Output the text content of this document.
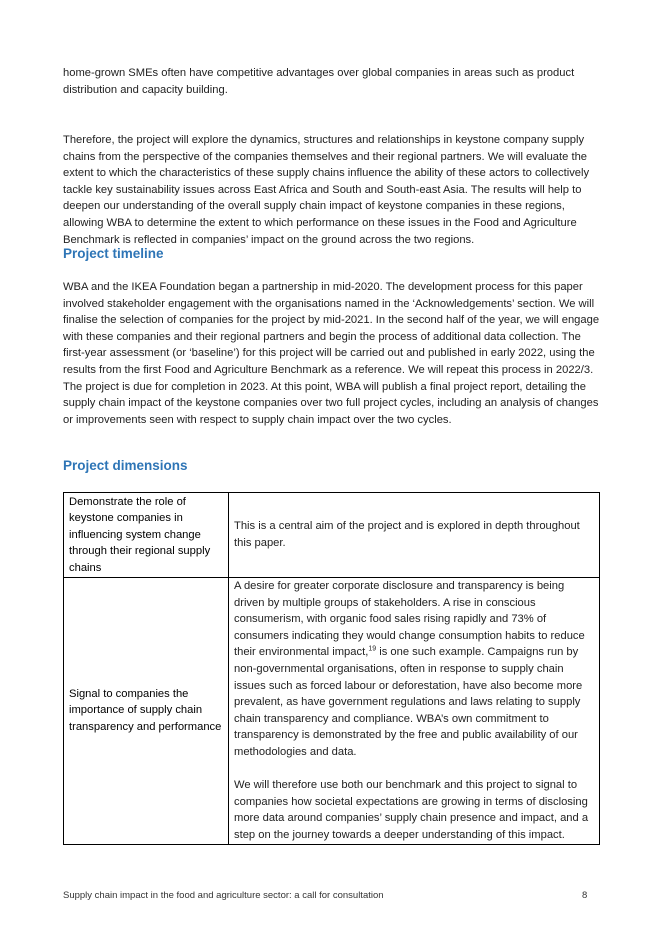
home-grown SMEs often have competitive advantages over global companies in areas such as product distribution and capacity building.

Therefore, the project will explore the dynamics, structures and relationships in keystone company supply chains from the perspective of the companies themselves and their regional partners. We will evaluate the extent to which the characteristics of these supply chains influence the ability of these actors to collectively tackle key sustainability issues across East Africa and South and South-east Asia. The results will help to deepen our understanding of the overall supply chain impact of keystone companies in these regions, allowing WBA to determine the extent to which performance on these issues in the Food and Agriculture Benchmark is reflected in companies’ impact on the ground across the two regions.

Project timeline

WBA and the IKEA Foundation began a partnership in mid-2020. The development process for this paper involved stakeholder engagement with the organisations named in the ‘Acknowledgements’ section. We will finalise the selection of companies for the project by mid-2021. In the second half of the year, we will engage with these companies and their regional partners and begin the process of additional data collection. The first-year assessment (or ‘baseline’) for this project will be carried out and published in early 2022, using the results from the first Food and Agriculture Benchmark as a reference. We will repeat this process in 2022/3. The project is due for completion in 2023. At this point, WBA will publish a final project report, detailing the supply chain impact of the keystone companies over two full project cycles, including an analysis of changes or improvements seen with respect to supply chain impact over the two cycles.

Project dimensions
Demonstrate the role of keystone companies in influencing system change through their regional supply chains	This is a central aim of the project and is explored in depth throughout this paper.
Signal to companies the importance of supply chain transparency and performance	A desire for greater corporate disclosure and transparency is being driven by multiple groups of stakeholders. A rise in conscious consumerism, with organic food sales rising rapidly and 73% of consumers indicating they would change consumption habits to reduce their environmental impact,$^{19}$ is one such example. Campaigns run by non-governmental organisations, often in response to supply chain issues such as forced labour or deforestation, have also become more prevalent, as have government regulations and laws relating to supply chain transparency and compliance. WBA’s own commitment to transparency is demonstrated by the free and public availability of our methodologies and data.

We will therefore use both our benchmark and this project to signal to companies how societal expectations are growing in terms of disclosing more data around companies’ supply chain presence and impact, and a step on the journey towards a deeper understanding of this impact.

Supply chain impact in the food and agriculture sector: a call for consultation	8
